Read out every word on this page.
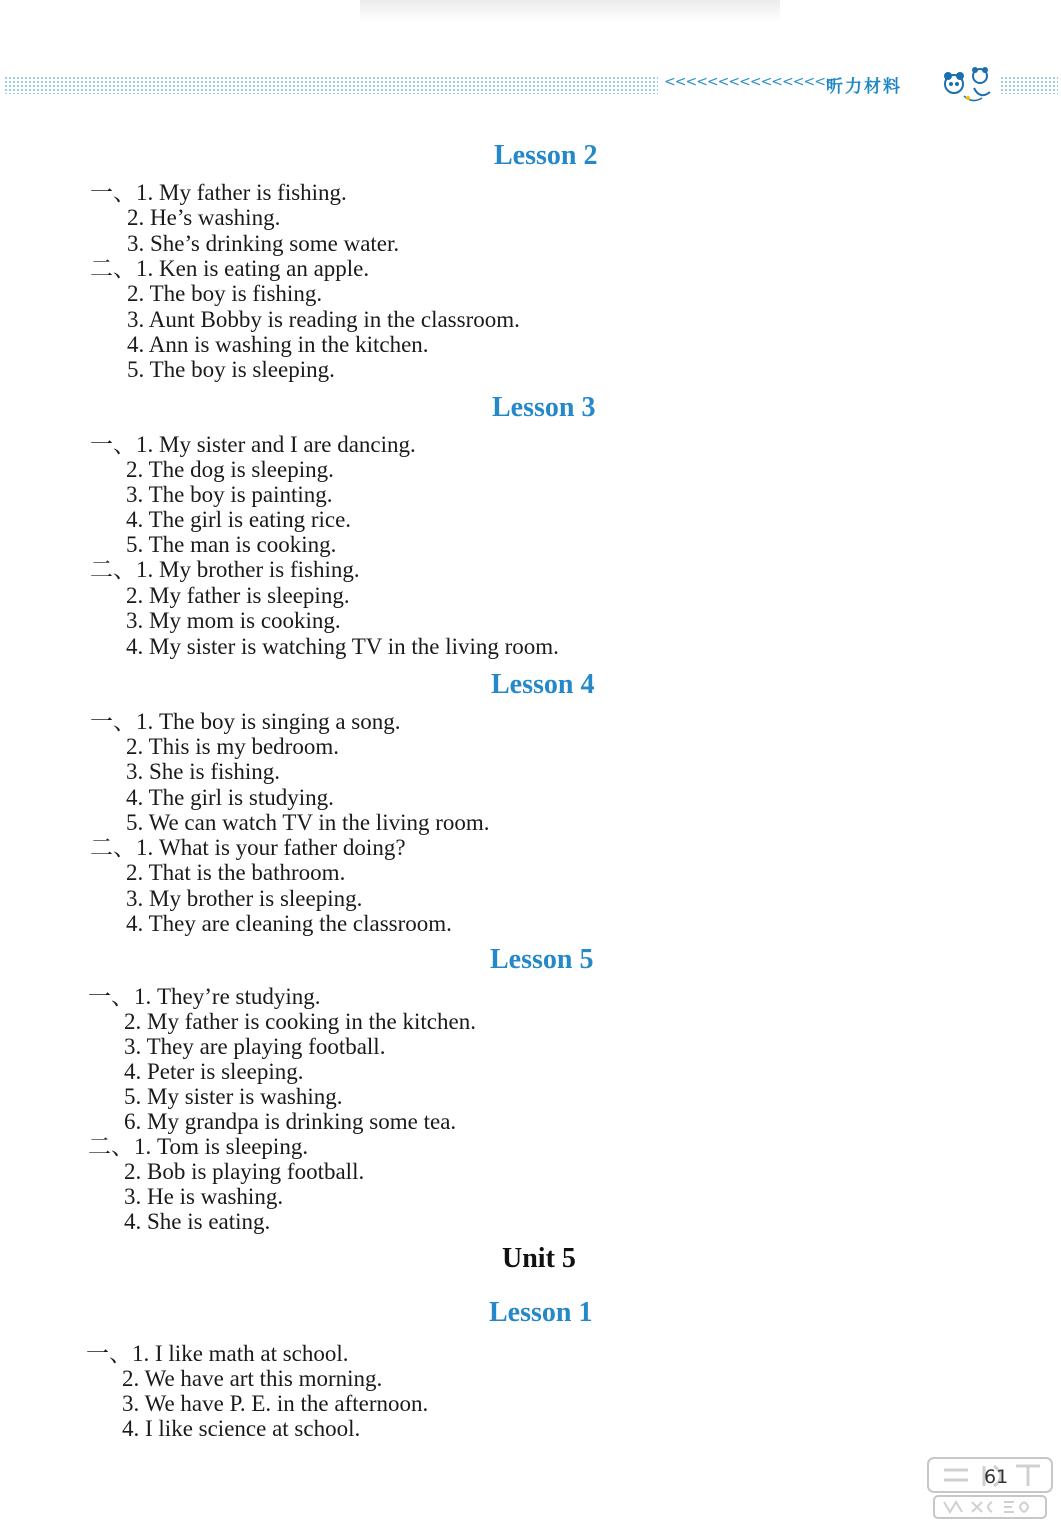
<<<<<<<<<<<<<<<<
听力材料
Lesson 2
一、1. My father is fishing.
2. He’s washing.
3. She’s drinking some water.
二、1. Ken is eating an apple.
2. The boy is fishing.
3. Aunt Bobby is reading in the classroom.
4. Ann is washing in the kitchen.
5. The boy is sleeping.
Lesson 3
一、1. My sister and I are dancing.
2. The dog is sleeping.
3. The boy is painting.
4. The girl is eating rice.
5. The man is cooking.
二、1. My brother is fishing.
2. My father is sleeping.
3. My mom is cooking.
4. My sister is watching TV in the living room.
Lesson 4
一、1. The boy is singing a song.
2. This is my bedroom.
3. She is fishing.
4. The girl is studying.
5. We can watch TV in the living room.
二、1. What is your father doing?
2. That is the bathroom.
3. My brother is sleeping.
4. They are cleaning the classroom.
Lesson 5
一、1. They’re studying.
2. My father is cooking in the kitchen.
3. They are playing football.
4. Peter is sleeping.
5. My sister is washing.
6. My grandpa is drinking some tea.
二、1. Tom is sleeping.
2. Bob is playing football.
3. He is washing.
4. She is eating.
Unit 5
Lesson 1
一、1. I like math at school.
2. We have art this morning.
3. We have P. E. in the afternoon.
4. I like science at school.
61
